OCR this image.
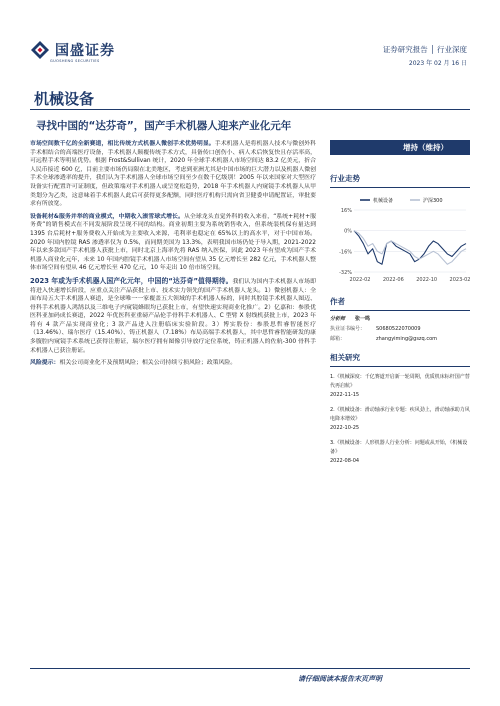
国盛证券
GUOSHENG SECURITIES
证券研究报告 │ 行业深度
2023 年 02 月 16 日
机械设备
寻找中国的“达芬奇”，国产手术机器人迎来产业化元年

市场空间数千亿的全新赛道，相比传统方式机器人微创手术优势明显。手术机器人是将机器人技术与微创外科手术相结合的高端医疗设备，手术机器人颠覆传统手术方式，具备传口创伤小、病人术后恢复快且存活率高，可远程手术等明显优势。根据 Frost&Sullivan 统计，2020 年全球手术机器人市场空间达 83.2 亿美元，折合人民币接近 600 亿，目前主要市场仍局限在北美地区，考虑到亚洲尤其是中国市场的巨大潜力以及机器人微创手术全球渗透率的提升，我们认为手术机器人全球市场空间至少在数千亿级别！2005 年以来国家对大型医疗设备实行配置许可证制度，但政策端对手术机器人或呈宽松趋势，2018 年手术机器人内窥镜手术机器人从甲类划分为乙类，这意味着手术机器人此后可获得更多配额，同时医疗机构只需向省卫健委申请配置证，审批要求有所放宽。

设备耗材&服务并举的商业模式，中期收入滚雪球式增长。从全球龙头直觉外科的收入来看，“系统+耗材+服务费”的销售模式在不同发展阶段呈现不同的结构。商业初期主要为系统销售收入，但系统装机保有量达到 1395 台后耗材+服务费收入开始成为主要收入来源，毛利率也稳定在 65%以上的高水平，对于中国市场。2020 年国内腔镜 RAS 渗透率仅为 0.5%，而同期美国为 13.3%，表明我国市场仍处于导入期，2021-2022 年以来多款国产手术机器人获批上市，同时北京上海率先将 RAS 纳入医保，因此 2023 年有望成为国产手术机器人商业化元年，未来 10 年国内腔镜手术机器人市场空间有望从 35 亿元增长至 282 亿元，手术机器人整体市场空间有望从 46 亿元增长至 470 亿元，10 年走出 10 倍市场空间。

2023 年或为手术机器人国产化元年，中国的“达芬奇”值得期待。我们认为国内手术机器人市场即将进入快速增长阶段，应重点关注产品获批上市、技术实力领先的国产手术机器人龙头。1）微创机器人：全面布局五大手术机器人赛道，是全球唯一一家覆盖五大领域的手术机器人标的，同时其腔镜手术机器人图迈、骨科手术机器人鸿鹄以及三维电子内窥镜蜂眼均已获批上市，有望快速实现商业化推广。2）亿嘉和：参股优医科亚加码成长赛道，2022 年优医科亚重磅产品伦手骨科手术机器人、C 型臂 X 射线机获批上市，2023 年将有 4 款产品实现商业化；3 款产品进入注册临床实验阶段。3）博实股份：参股思哲睿智能医疗（13.46%）、瑞尔医疗（15.40%）、铸正机器人（7.18%）布局高端手术机器人，其中思哲睿智能研发的康多腹腔内窥镜手术系统已获得注册证，瑞尔医疗拥有图像引导放疗定位系统，铸正机器人的佐航-300 骨科手术机器人已获注册证。

风险提示：相关公司商业化不及预期风险；相关公司持续亏损风险；政策风险。

增持（维持）
行业走势
机械设备	沪深300
16%
0%
-16%
-32%
2022-02 2022-06 2022-10 2023-02
作者
分析师 张一鸣
执业证书编号： S0680522070009
邮箱：	zhangyiming@gszq.com
相关研究
1.《机械深度：千亿赛道开启新一轮周期，优质机床标杆国产替代再启航》
2022-11-15
2.《机械设备：滑动轴承行业专题：疾风劲上，滑动轴承助力风电降本增效》
2022-10-25
3.《机械设备：人形机器人行业分析：问题或从开始，《机械设备》
2022-08-04
请仔细阅读本报告末页声明
